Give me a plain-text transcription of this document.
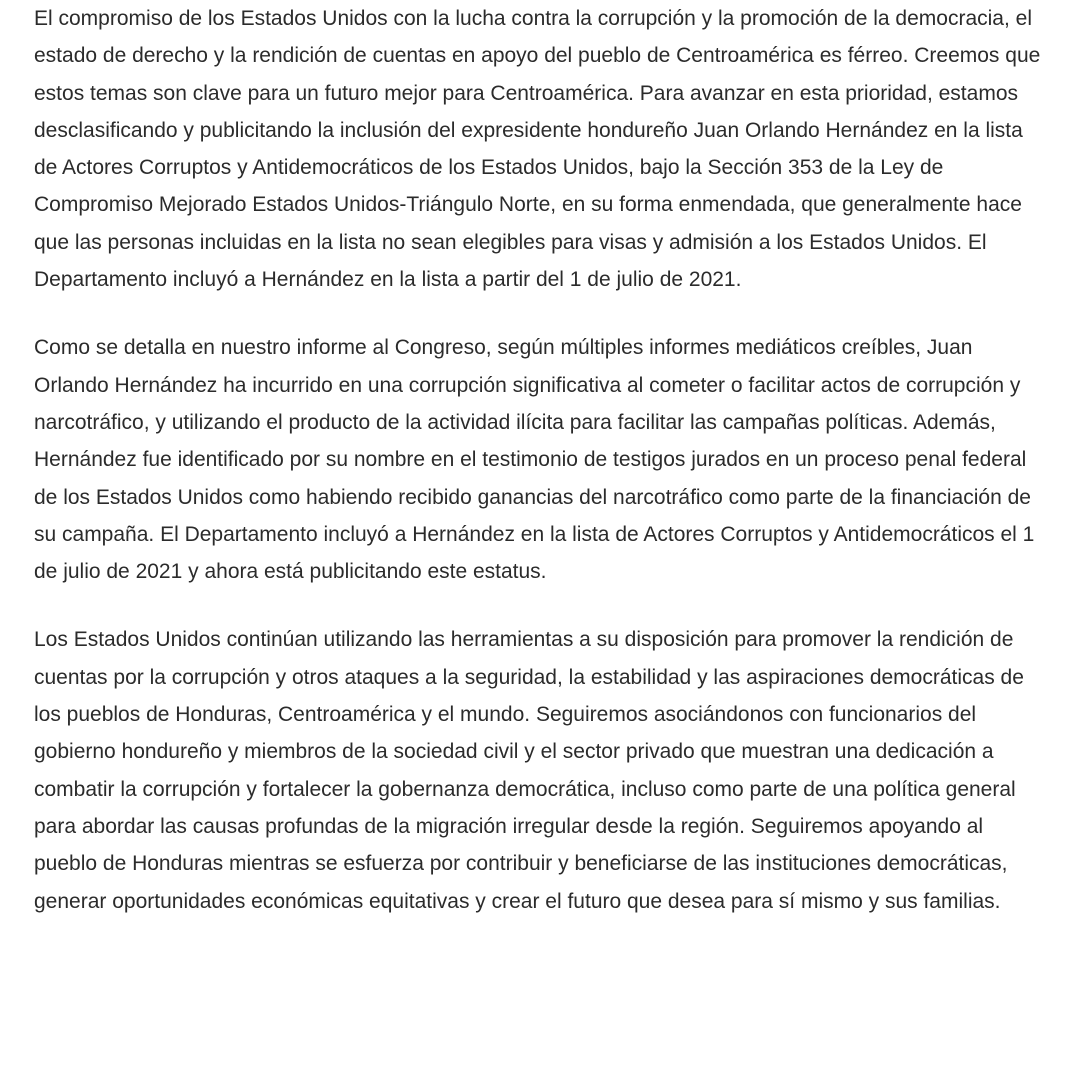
El compromiso de los Estados Unidos con la lucha contra la corrupción y la promoción de la democracia, el estado de derecho y la rendición de cuentas en apoyo del pueblo de Centroamérica es férreo. Creemos que estos temas son clave para un futuro mejor para Centroamérica. Para avanzar en esta prioridad, estamos desclasificando y publicitando la inclusión del expresidente hondureño Juan Orlando Hernández en la lista de Actores Corruptos y Antidemocráticos de los Estados Unidos, bajo la Sección 353 de la Ley de Compromiso Mejorado Estados Unidos-Triángulo Norte, en su forma enmendada, que generalmente hace que las personas incluidas en la lista no sean elegibles para visas y admisión a los Estados Unidos. El Departamento incluyó a Hernández en la lista a partir del 1 de julio de 2021.

Como se detalla en nuestro informe al Congreso, según múltiples informes mediáticos creíbles, Juan Orlando Hernández ha incurrido en una corrupción significativa al cometer o facilitar actos de corrupción y narcotráfico, y utilizando el producto de la actividad ilícita para facilitar las campañas políticas. Además, Hernández fue identificado por su nombre en el testimonio de testigos jurados en un proceso penal federal de los Estados Unidos como habiendo recibido ganancias del narcotráfico como parte de la financiación de su campaña. El Departamento incluyó a Hernández en la lista de Actores Corruptos y Antidemocráticos el 1 de julio de 2021 y ahora está publicitando este estatus.

Los Estados Unidos continúan utilizando las herramientas a su disposición para promover la rendición de cuentas por la corrupción y otros ataques a la seguridad, la estabilidad y las aspiraciones democráticas de los pueblos de Honduras, Centroamérica y el mundo. Seguiremos asociándonos con funcionarios del gobierno hondureño y miembros de la sociedad civil y el sector privado que muestran una dedicación a combatir la corrupción y fortalecer la gobernanza democrática, incluso como parte de una política general para abordar las causas profundas de la migración irregular desde la región. Seguiremos apoyando al pueblo de Honduras mientras se esfuerza por contribuir y beneficiarse de las instituciones democráticas, generar oportunidades económicas equitativas y crear el futuro que desea para sí mismo y sus familias.
